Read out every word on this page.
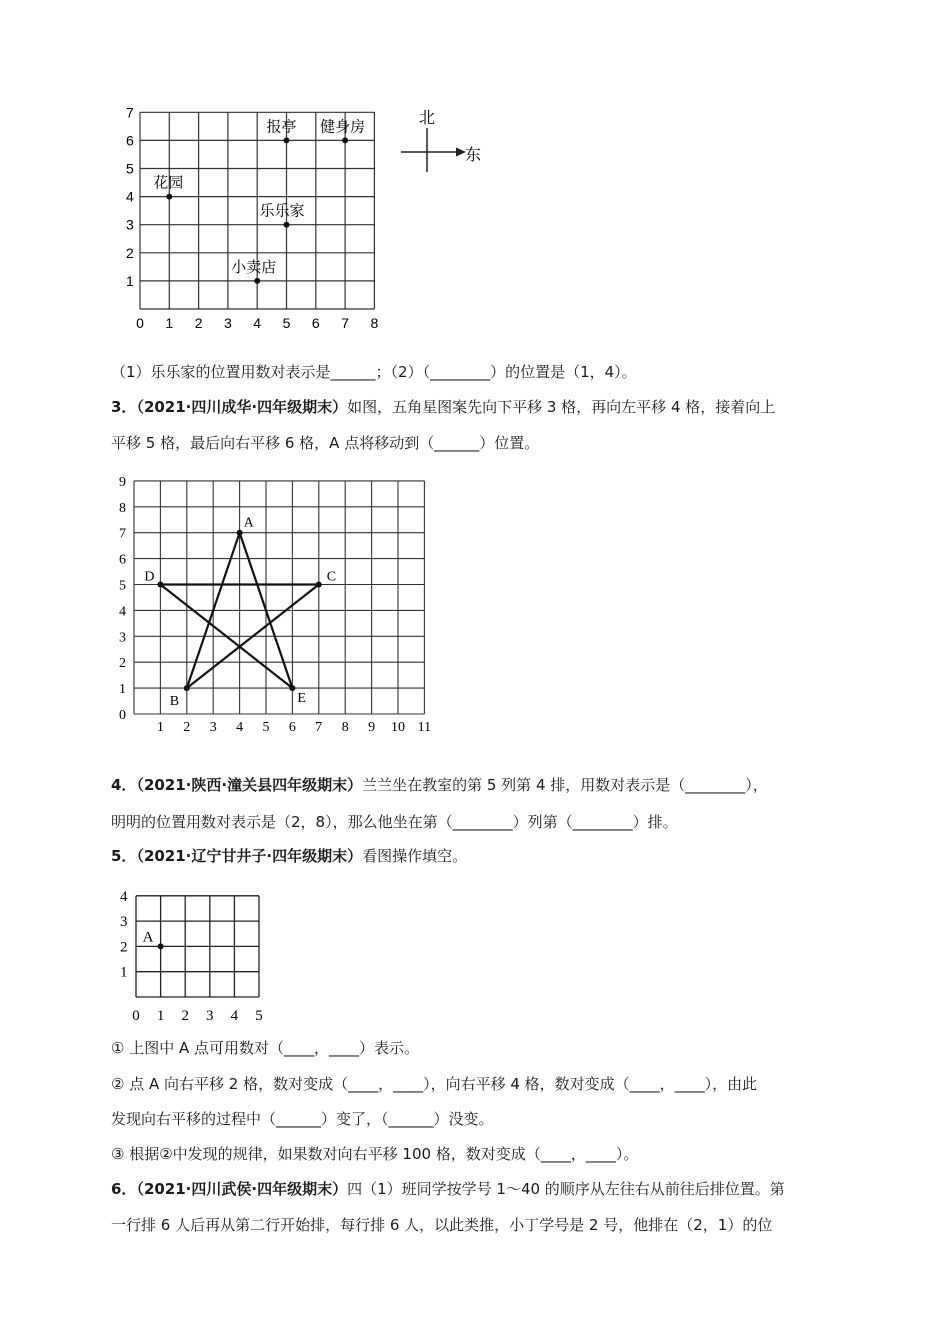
1
2
3
4
5
6
7
0 1 2 3 4 5 6 7 8
报亭 健身房
花园
乐乐家
小卖店
北
东
（1）乐乐家的位置用数对表示是______；（2）（________）的位置是（1，4）。
3．（2021·四川成华·四年级期末）如图，五角星图案先向下平移 3 格，再向左平移 4 格，接着向上
平移 5 格，最后向右平移 6 格，A 点将移动到（______）位置。
0
1
2
3
4
5
6
7
8
9
1 2 3 4 5 6 7 8 9 10 11
A
B
C
D
E
4．（2021·陕西·潼关县四年级期末）兰兰坐在教室的第 5 列第 4 排，用数对表示是（________），
明明的位置用数对表示是（2，8），那么他坐在第（________）列第（________）排。
5．（2021·辽宁甘井子·四年级期末）看图操作填空。
1
2
3
4
0 1 2 3 4 5
A
① 上图中 A 点可用数对（____，____）表示。
② 点 A 向右平移 2 格，数对变成（____，____），向右平移 4 格，数对变成（____，____），由此
发现向右平移的过程中（______）变了，（______）没变。
③ 根据②中发现的规律，如果数对向右平移 100 格，数对变成（____，____）。
6．（2021·四川武侯·四年级期末）四（1）班同学按学号 1～40 的顺序从左往右从前往后排位置。第
一行排 6 人后再从第二行开始排，每行排 6 人，以此类推，小丁学号是 2 号，他排在（2，1）的位
